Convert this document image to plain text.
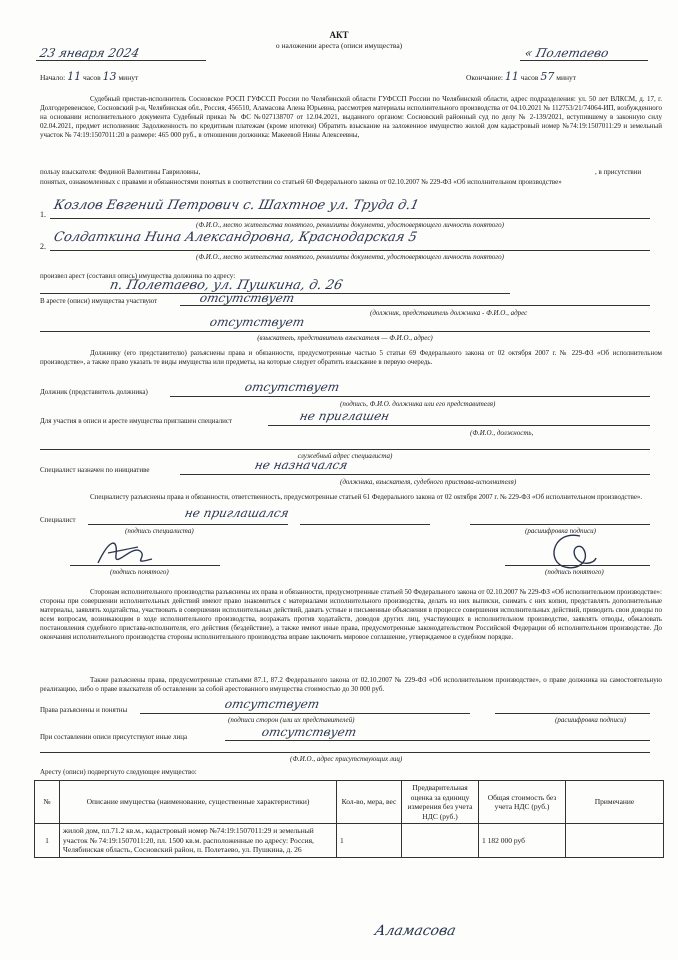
АКТ
о наложении ареста (описи имущества)
23 января 2024	« Полетаево
Начало: 11 часов 13 минут	Окончание: 11 часов 57 минут
Судебный пристав-исполнитель Сосновское РОСП ГУФССП России по Челябинской области ГУФССП России по Челябинской области, адрес подразделения: ул. 50 лет ВЛКСМ, д. 17, г. Долгодеревенское, Сосновский р-н, Челябинская обл., Россия, 456510, Аламасова Алена Юрьевна, рассмотрев материалы исполнительного производства от 04.10.2021 № 112753/21/74064-ИП, возбужденного на основании исполнительного документа Судебный приказ № ФС №027138707 от 12.04.2021, выданного органом: Сосновский районный суд по делу № 2-139/2021, вступившему в законную силу 02.04.2021, предмет исполнения: Задолженность по кредитным платежам (кроме ипотеки) Обратить взыскание на заложенное имущество жилой дом кадастровый номер №74:19:1507011:29 и земельный участок № 74:19:1507011:20 в размере: 465 000 руб., в отношении должника: Макеевой Нины Алексеевны,
пользу взыскателя: Фединой Валентины Гавриловны,	, в присутствии
понятых, ознакомленных с правами и обязанностями понятых в соответствии со статьей 60 Федерального закона от 02.10.2007 № 229-ФЗ «Об исполнительном производстве»
1.
Козлов Евгений Петрович с. Шахтное ул. Труда д.1
(Ф.И.О., место жительства понятого, реквизиты документа, удостоверяющего личность понятого)
2.
Солдаткина Нина Александровна, Краснодарская 5
(Ф.И.О., место жительства понятого, реквизиты документа, удостоверяющего личность понятого)
произвел арест (составил опись) имущества должника по адресу:
п. Полетаево, ул. Пушкина, д. 26
В аресте (описи) имущества участвуют	отсутствует
(должник, представитель должника - Ф.И.О., адрес
отсутствует
(взыскатель, представитель взыскателя — Ф.И.О., адрес)
Должнику (его представителю) разъяснены права и обязанности, предусмотренные частью 5 статьи 69 Федерального закона от 02 октября 2007 г. № 229-ФЗ «Об исполнительном производстве», а также право указать те виды имущества или предметы, на которые следует обратить взыскание в первую очередь.
Должник (представитель должника)	отсутствует
(подпись, Ф.И.О. должника или его представителя)
Для участия в описи и аресте имущества приглашен специалист	не приглашен
(Ф.И.О., должность,
служебный адрес специалиста)
Специалист назначен по инициативе	не назначался
(должника, взыскателя, судебного пристава-исполнителя)
Специалисту разъяснены права и обязанности, ответственность, предусмотренные статьей 61 Федерального закона от 02 октября 2007 г. № 229-ФЗ «Об исполнительном производстве».
Специалист	не приглашался
(подпись специалиста)	(расшифровка подписи)
(подпись понятого)	(подпись понятого)
Сторонам исполнительного производства разъяснены их права и обязанности, предусмотренные статьей 50 Федерального закона от 02.10.2007 № 229-ФЗ «Об исполнительном производстве»: стороны при совершении исполнительных действий имеют право знакомиться с материалами исполнительного производства, делать из них выписки, снимать с них копии, представлять дополнительные материалы, заявлять ходатайства, участвовать в совершении исполнительных действий, давать устные и письменные объяснения в процессе совершения исполнительных действий, приводить свои доводы по всем вопросам, возникающим в ходе исполнительного производства, возражать против ходатайств, доводов других лиц, участвующих в исполнительном производстве, заявлять отводы, обжаловать постановления судебного пристава-исполнителя, его действия (бездействие), а также имеют иные права, предусмотренные законодательством Российской Федерации об исполнительном производстве. До окончания исполнительного производства стороны исполнительного производства вправе заключить мировое соглашение, утверждаемое в судебном порядке.
Также разъяснены права, предусмотренные статьями 87.1, 87.2 Федерального закона от 02.10.2007 № 229-ФЗ «Об исполнительном производстве», о праве должника на самостоятельную реализацию, либо о праве взыскателя об оставлении за собой арестованного имущества стоимостью до 30 000 руб.
Права разъяснены и понятны	отсутствует
(подписи сторон (или их представителей)	(расшифровка подписи)
При составлении описи присутствуют иные лица	отсутствует
(Ф.И.О., адрес присутствующих лиц)
Аресту (описи) подвергнуто следующее имущество:
№	Описание имущества (наименование, существенные характеристики)	Кол-во, мера, вес	Предварительная оценка за единицу измерения без учета НДС (руб.)	Общая стоимость без учета НДС (руб.)	Примечание
1	жилой дом, пл.71.2 кв.м., кадастровый номер №74:19:1507011:29 и земельный участок № 74:19:1507011:20, пл. 1500 кв.м. расположенные по адресу: Россия, Челябинская область, Сосновский район, п. Полетаево, ул. Пушкина, д. 26	1		1 182 000 руб	
Аламасова
